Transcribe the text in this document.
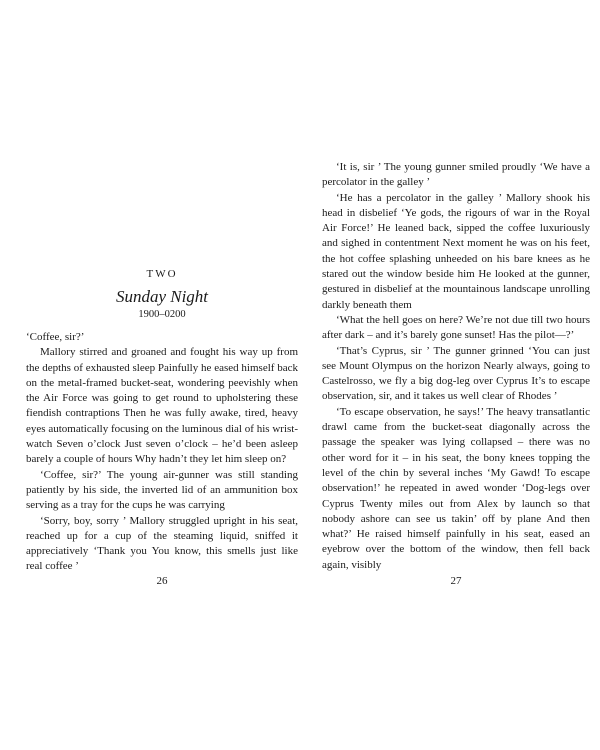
TWO
Sunday Night
1900–0200

‘Coffee, sir?’

Mallory stirred and groaned and fought his way up from the depths of exhausted sleep Painfully he eased himself back on the metal-framed bucket-seat, wondering peevishly when the Air Force was going to get round to upholstering these fiendish contraptions Then he was fully awake, tired, heavy eyes automatically focusing on the luminous dial of his wrist-watch Seven o’clock Just seven o’clock – he’d been asleep barely a couple of hours Why hadn’t they let him sleep on?

‘Coffee, sir?’ The young air-gunner was still standing patiently by his side, the inverted lid of an ammunition box serving as a tray for the cups he was carrying

‘Sorry, boy, sorry ’ Mallory struggled upright in his seat, reached up for a cup of the steaming liquid, sniffed it appreciatively ‘Thank you You know, this smells just like real coffee ’

26

‘It is, sir ’ The young gunner smiled proudly ‘We have a percolator in the galley ’

‘He has a percolator in the galley ’ Mallory shook his head in disbelief ‘Ye gods, the rigours of war in the Royal Air Force!’ He leaned back, sipped the coffee luxuriously and sighed in contentment Next moment he was on his feet, the hot coffee splashing unheeded on his bare knees as he stared out the window beside him He looked at the gunner, gestured in disbelief at the mountainous landscape unrolling darkly beneath them

‘What the hell goes on here? We’re not due till two hours after dark – and it’s barely gone sunset! Has the pilot—?’

‘That’s Cyprus, sir ’ The gunner grinned ‘You can just see Mount Olympus on the horizon Nearly always, going to Castelrosso, we fly a big dog-leg over Cyprus It’s to escape observation, sir, and it takes us well clear of Rhodes ’

‘To escape observation, he says!’ The heavy transatlantic drawl came from the bucket-seat diagonally across the passage the speaker was lying collapsed – there was no other word for it – in his seat, the bony knees topping the level of the chin by several inches ‘My Gawd! To escape observation!’ he repeated in awed wonder ‘Dog-legs over Cyprus Twenty miles out from Alex by launch so that nobody ashore can see us takin’ off by plane And then what?’ He raised himself painfully in his seat, eased an eyebrow over the bottom of the window, then fell back again, visibly

27
